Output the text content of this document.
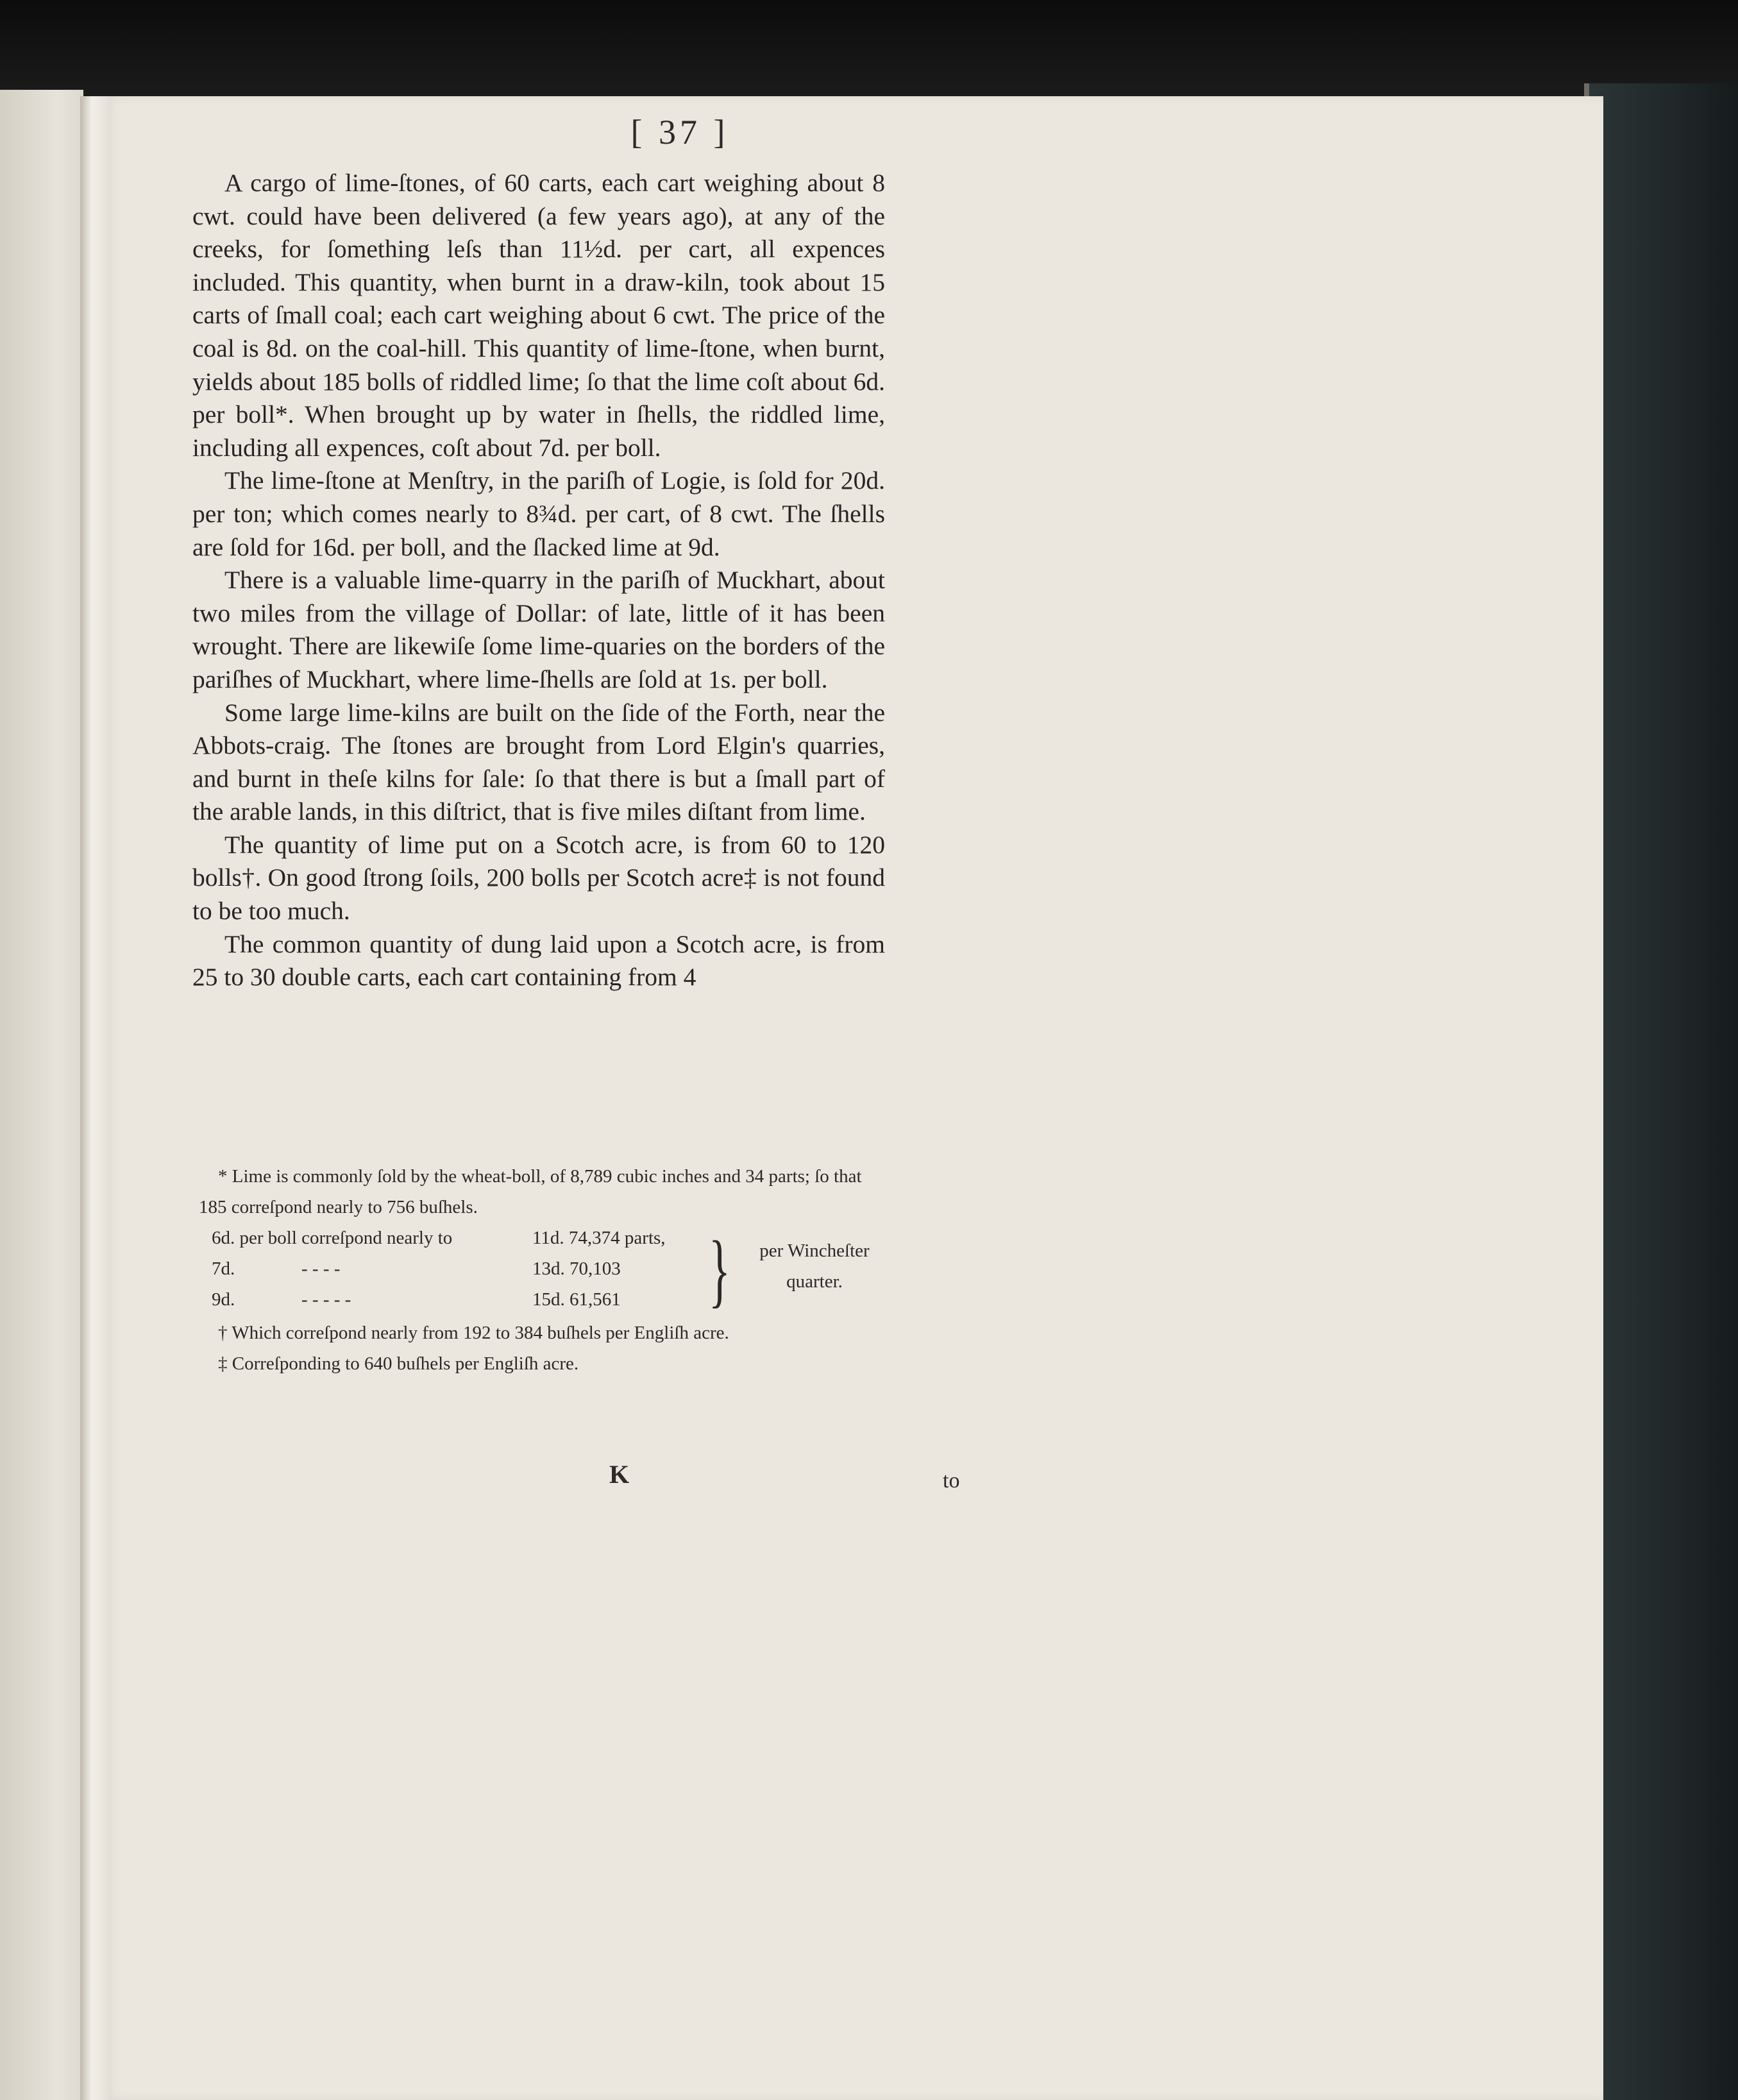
[ 37 ]

A cargo of lime-ſtones, of 60 carts, each cart weighing about 8 cwt. could have been delivered (a few years ago), at any of the creeks, for ſomething leſs than 11½d. per cart, all expences included. This quantity, when burnt in a draw-kiln, took about 15 carts of ſmall coal; each cart weighing about 6 cwt. The price of the coal is 8d. on the coal-hill. This quantity of lime-ſtone, when burnt, yields about 185 bolls of riddled lime; ſo that the lime coſt about 6d. per boll*. When brought up by water in ſhells, the riddled lime, including all expences, coſt about 7d. per boll.

The lime-ſtone at Menſtry, in the pariſh of Logie, is ſold for 20d. per ton; which comes nearly to 8¾d. per cart, of 8 cwt. The ſhells are ſold for 16d. per boll, and the ſlacked lime at 9d.

There is a valuable lime-quarry in the pariſh of Muckhart, about two miles from the village of Dollar: of late, little of it has been wrought. There are likewiſe ſome lime-quaries on the borders of the pariſhes of Muckhart, where lime-ſhells are ſold at 1s. per boll.

Some large lime-kilns are built on the ſide of the Forth, near the Abbots-craig. The ſtones are brought from Lord Elgin's quarries, and burnt in theſe kilns for ſale: ſo that there is but a ſmall part of the arable lands, in this diſtrict, that is five miles diſtant from lime.

The quantity of lime put on a Scotch acre, is from 60 to 120 bolls†. On good ſtrong ſoils, 200 bolls per Scotch acre‡ is not found to be too much.

The common quantity of dung laid upon a Scotch acre, is from 25 to 30 double carts, each cart containing from 4

* Lime is commonly ſold by the wheat-boll, of 8,789 cubic inches and 34 parts; ſo that 185 correſpond nearly to 756 buſhels.

6d. per boll correſpond nearly to	11d. 74,374 parts,
7d.	- - - -	13d. 70,103
9d.	- - - - -	15d. 61,561 }	per Wincheſter quarter.

† Which correſpond nearly from 192 to 384 buſhels per Engliſh acre.

‡ Correſponding to 640 buſhels per Engliſh acre.

K	to
